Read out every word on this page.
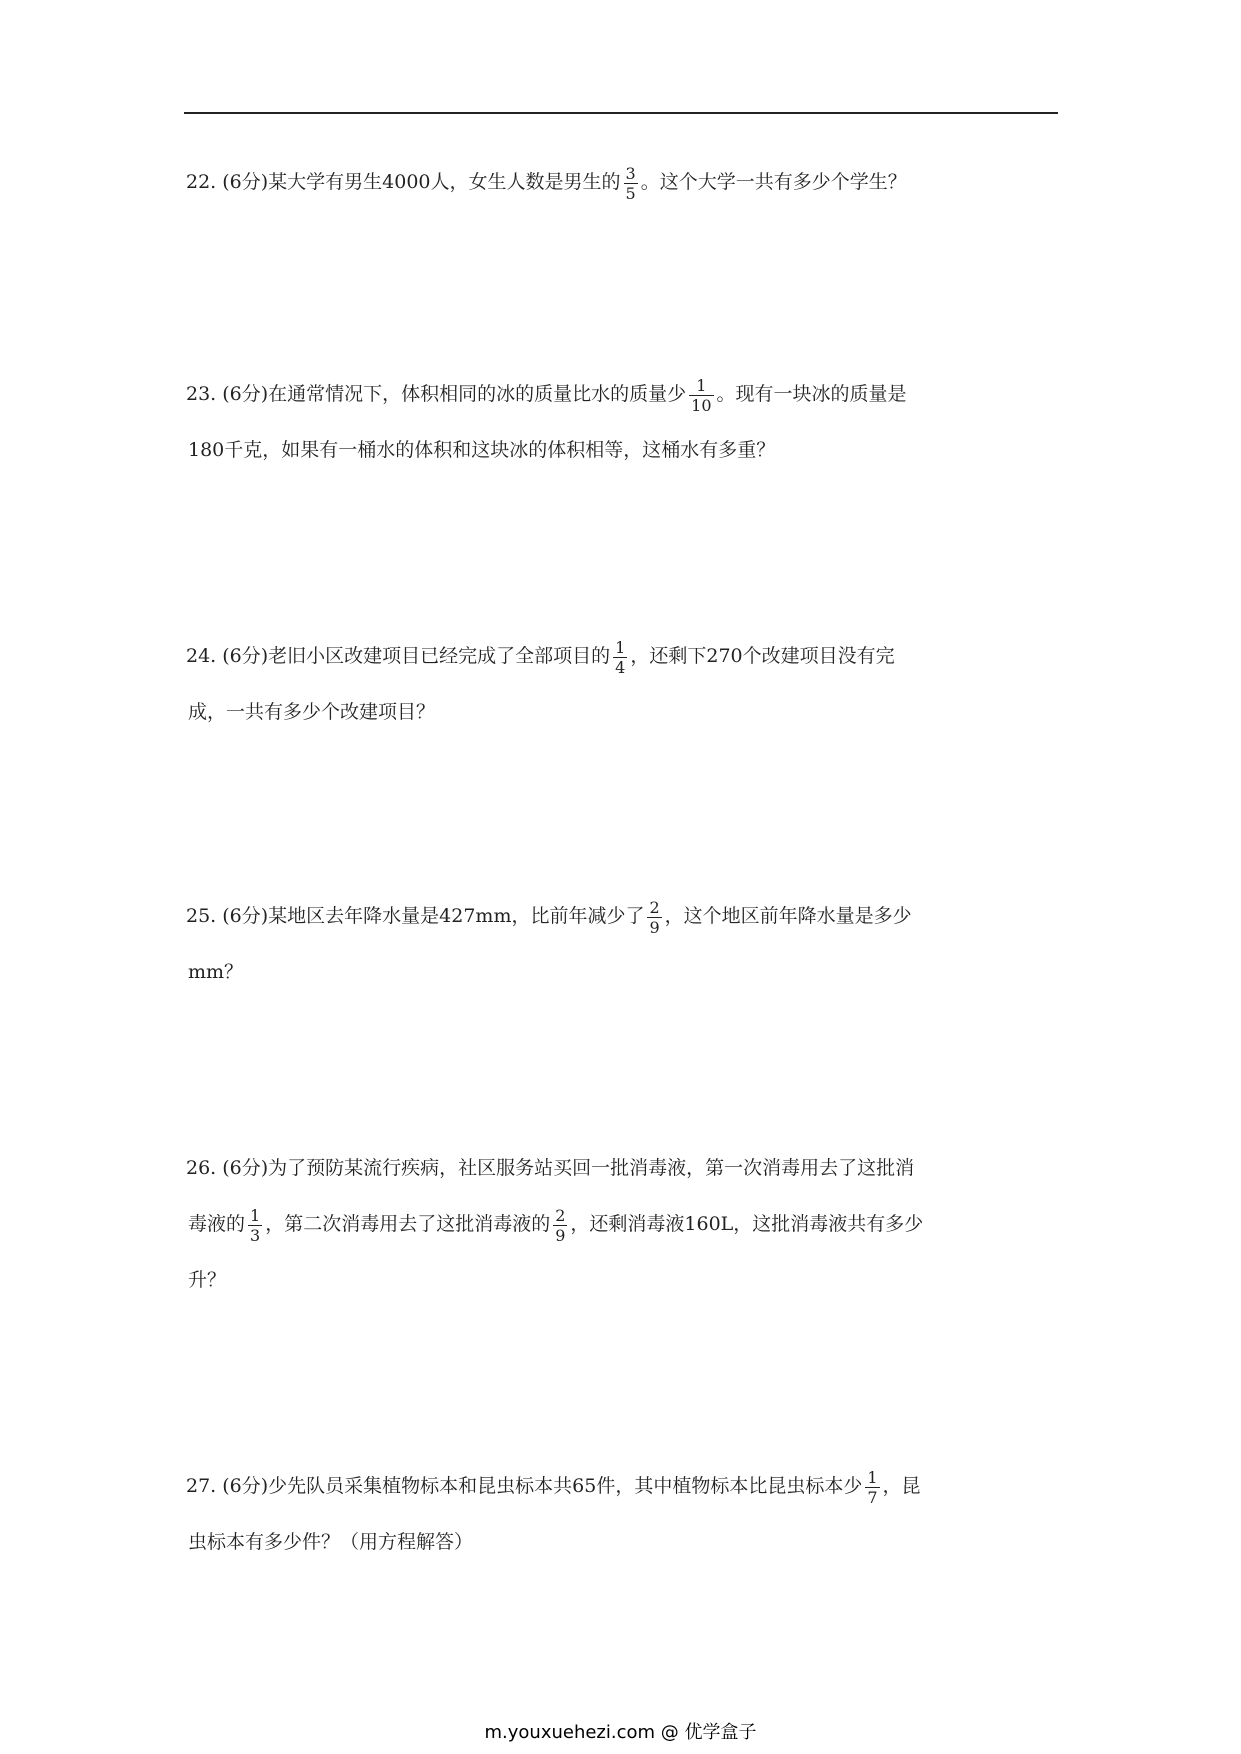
22. (6分)某大学有男生4000人，女生人数是男生的 $\frac{3}{5}$ 。这个大学一共有多少个学生？
23. (6分)在通常情况下，体积相同的冰的质量比水的质量少 $\frac{1}{10}$ 。现有一块冰的质量是
180千克，如果有一桶水的体积和这块冰的体积相等，这桶水有多重？
24. (6分)老旧小区改建项目已经完成了全部项目的 $\frac{1}{4}$ ，还剩下270个改建项目没有完
成，一共有多少个改建项目？
25. (6分)某地区去年降水量是427mm，比前年减少了 $\frac{2}{9}$ ，这个地区前年降水量是多少
mm？
26. (6分)为了预防某流行疾病，社区服务站买回一批消毒液，第一次消毒用去了这批消
毒液的 $\frac{1}{3}$ ，第二次消毒用去了这批消毒液的 $\frac{2}{9}$ ，还剩消毒液160L，这批消毒液共有多少
升？
27. (6分)少先队员采集植物标本和昆虫标本共65件，其中植物标本比昆虫标本少 $\frac{1}{7}$ ，昆
虫标本有多少件？（用方程解答）
m.youxuehezi.com @ 优学盒子
